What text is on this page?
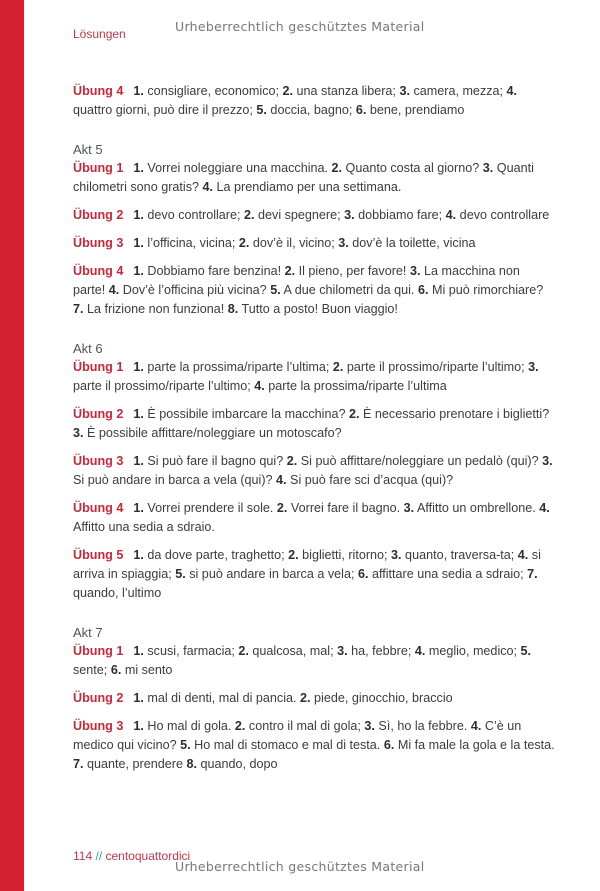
Lösungen	Urheberrechtlich geschütztes Material
Übung 4 1. consigliare, economico; 2. una stanza libera; 3. camera, mezza; 4. quattro giorni, può dire il prezzo; 5. doccia, bagno; 6. bene, prendiamo
Akt 5
Übung 1 1. Vorrei noleggiare una macchina. 2. Quanto costa al giorno? 3. Quanti chilometri sono gratis? 4. La prendiamo per una settimana.
Übung 2 1. devo controllare; 2. devi spegnere; 3. dobbiamo fare; 4. devo controllare
Übung 3 1. l’officina, vicina; 2. dov’è il, vicino; 3. dov’è la toilette, vicina
Übung 4 1. Dobbiamo fare benzina! 2. Il pieno, per favore! 3. La macchina non parte! 4. Dov’è l’officina più vicina? 5. A due chilometri da qui. 6. Mi può rimorchiare? 7. La frizione non funziona! 8. Tutto a posto! Buon viaggio!
Akt 6
Übung 1 1. parte la prossima/riparte l’ultima; 2. parte il prossimo/riparte l’ultimo; 3. parte il prossimo/riparte l’ultimo; 4. parte la prossima/riparte l’ultima
Übung 2 1. È possibile imbarcare la macchina? 2. È necessario prenotare i biglietti? 3. È possibile affittare/noleggiare un motoscafo?
Übung 3 1. Si può fare il bagno qui? 2. Si può affittare/noleggiare un pedalò (qui)? 3. Si può andare in barca a vela (qui)? 4. Si può fare sci d’acqua (qui)?
Übung 4 1. Vorrei prendere il sole. 2. Vorrei fare il bagno. 3. Affitto un ombrellone. 4. Affitto una sedia a sdraio.
Übung 5 1. da dove parte, traghetto; 2. biglietti, ritorno; 3. quanto, traversa-ta; 4. si arriva in spiaggia; 5. si può andare in barca a vela; 6. affittare una sedia a sdraio; 7. quando, l’ultimo
Akt 7
Übung 1 1. scusi, farmacia; 2. qualcosa, mal; 3. ha, febbre; 4. meglio, medico; 5. sente; 6. mi sento
Übung 2 1. mal di denti, mal di pancia. 2. piede, ginocchio, braccio
Übung 3 1. Ho mal di gola. 2. contro il mal di gola; 3. Sì, ho la febbre. 4. C’è un medico qui vicino? 5. Ho mal di stomaco e mal di testa. 6. Mi fa male la gola e la testa. 7. quante, prendere 8. quando, dopo
114 // centoquattordici
Urheberrechtlich geschütztes Material
